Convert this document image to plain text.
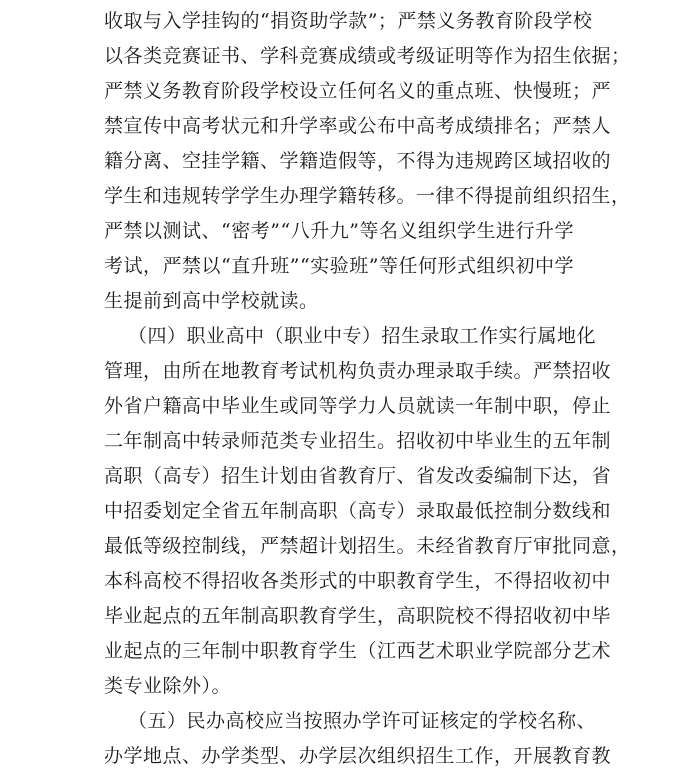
收取与入学挂钩的“捐资助学款”；严禁义务教育阶段学校
以各类竞赛证书、学科竞赛成绩或考级证明等作为招生依据；
严禁义务教育阶段学校设立任何名义的重点班、快慢班；严
禁宣传中高考状元和升学率或公布中高考成绩排名；严禁人
籍分离、空挂学籍、学籍造假等，不得为违规跨区域招收的
学生和违规转学学生办理学籍转移。一律不得提前组织招生，
严禁以测试、“密考”“八升九”等名义组织学生进行升学
考试，严禁以“直升班”“实验班”等任何形式组织初中学
生提前到高中学校就读。
（四）职业高中（职业中专）招生录取工作实行属地化
管理，由所在地教育考试机构负责办理录取手续。严禁招收
外省户籍高中毕业生或同等学力人员就读一年制中职，停止
二年制高中转录师范类专业招生。招收初中毕业生的五年制
高职（高专）招生计划由省教育厅、省发改委编制下达，省
中招委划定全省五年制高职（高专）录取最低控制分数线和
最低等级控制线，严禁超计划招生。未经省教育厅审批同意，
本科高校不得招收各类形式的中职教育学生，不得招收初中
毕业起点的五年制高职教育学生，高职院校不得招收初中毕
业起点的三年制中职教育学生（江西艺术职业学院部分艺术
类专业除外）。
（五）民办高校应当按照办学许可证核定的学校名称、
办学地点、办学类型、办学层次组织招生工作，开展教育教
